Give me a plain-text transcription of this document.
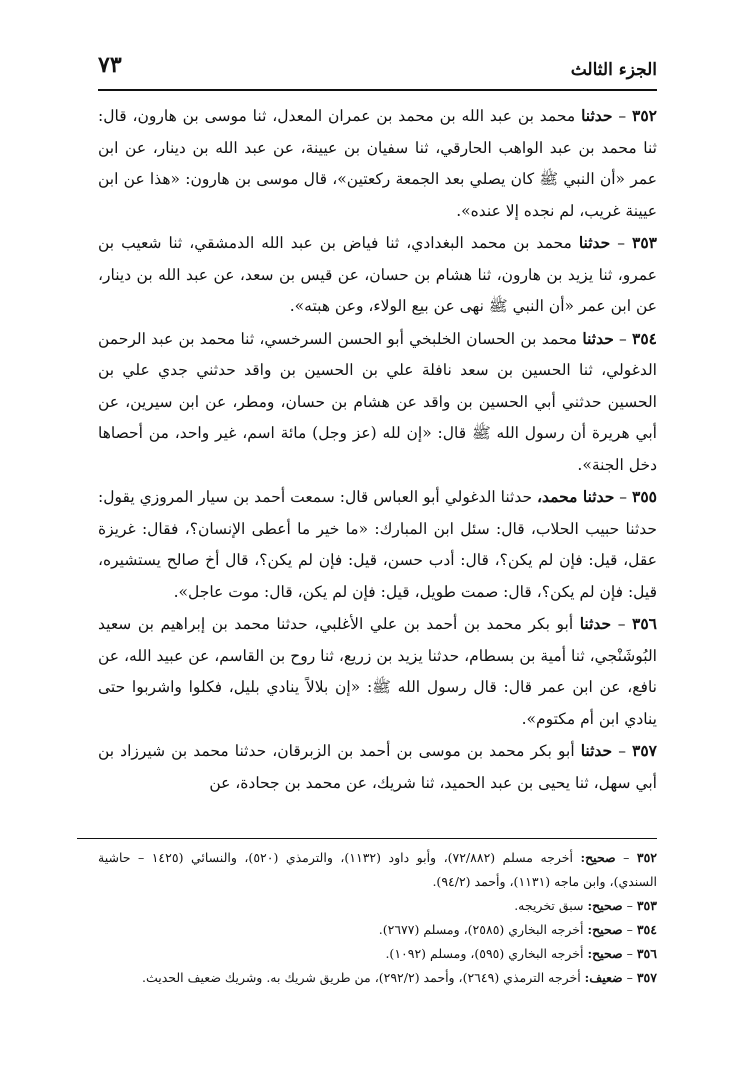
الجزء الثالث
٧٣

٣٥٢ – حدثنا محمد بن عبد الله بن محمد بن عمران المعدل، ثنا موسى بن هارون، قال: ثنا محمد بن عبد الواهب الحارقي، ثنا سفيان بن عيينة، عن عبد الله بن دينار، عن ابن عمر «أن النبي ﷺ كان يصلي بعد الجمعة ركعتين»، قال موسى بن هارون: «هذا عن ابن عيينة غريب، لم نجده إلا عنده».

٣٥٣ – حدثنا محمد بن محمد البغدادي، ثنا فياض بن عبد الله الدمشقي، ثنا شعيب بن عمرو، ثنا يزيد بن هارون، ثنا هشام بن حسان، عن قيس بن سعد، عن عبد الله بن دينار، عن ابن عمر «أن النبي ﷺ نهى عن بيع الولاء، وعن هبته».

٣٥٤ – حدثنا محمد بن الحسان الخلبخي أبو الحسن السرخسي، ثنا محمد بن عبد الرحمن الدغولي، ثنا الحسين بن سعد نافلة علي بن الحسين بن واقد حدثني جدي علي بن الحسين حدثني أبي الحسين بن واقد عن هشام بن حسان، ومطر، عن ابن سيرين، عن أبي هريرة أن رسول الله ﷺ قال: «إن لله (عز وجل) مائة اسم، غير واحد، من أحصاها دخل الجنة».

٣٥٥ – حدثنا محمد، حدثنا الدغولي أبو العباس قال: سمعت أحمد بن سيار المروزي يقول: حدثنا حبيب الحلاب، قال: سئل ابن المبارك: «ما خير ما أعطى الإنسان؟، فقال: غريزة عقل، قيل: فإن لم يكن؟، قال: أدب حسن، قيل: فإن لم يكن؟، قال أخ صالح يستشيره، قيل: فإن لم يكن؟، قال: صمت طويل، قيل: فإن لم يكن، قال: موت عاجل».

٣٥٦ – حدثنا أبو بكر محمد بن أحمد بن علي الأغلبي، حدثنا محمد بن إبراهيم بن سعيد البُوشَنْجي، ثنا أمية بن بسطام، حدثنا يزيد بن زريع، ثنا روح بن القاسم، عن عبيد الله، عن نافع، عن ابن عمر قال: قال رسول الله ﷺ: «إن بلالاً ينادي بليل، فكلوا واشربوا حتى ينادي ابن أم مكتوم».

٣٥٧ – حدثنا أبو بكر محمد بن موسى بن أحمد بن الزبرقان، حدثنا محمد بن شيرزاد بن أبي سهل، ثنا يحيى بن عبد الحميد، ثنا شريك، عن محمد بن جحادة، عن

٣٥٢ – صحيح: أخرجه مسلم (٧٢/٨٨٢)، وأبو داود (١١٣٢)، والترمذي (٥٢٠)، والنسائي (١٤٢٥ – حاشية السندي)، وابن ماجه (١١٣١)، وأحمد (٩٤/٢).

٣٥٣ – صحيح: سبق تخريجه.

٣٥٤ – صحيح: أخرجه البخاري (٢٥٨٥)، ومسلم (٢٦٧٧).

٣٥٦ – صحيح: أخرجه البخاري (٥٩٥)، ومسلم (١٠٩٢).

٣٥٧ – ضعيف: أخرجه الترمذي (٢٦٤٩)، وأحمد (٢٩٢/٢)، من طريق شريك به. وشريك ضعيف الحديث.
